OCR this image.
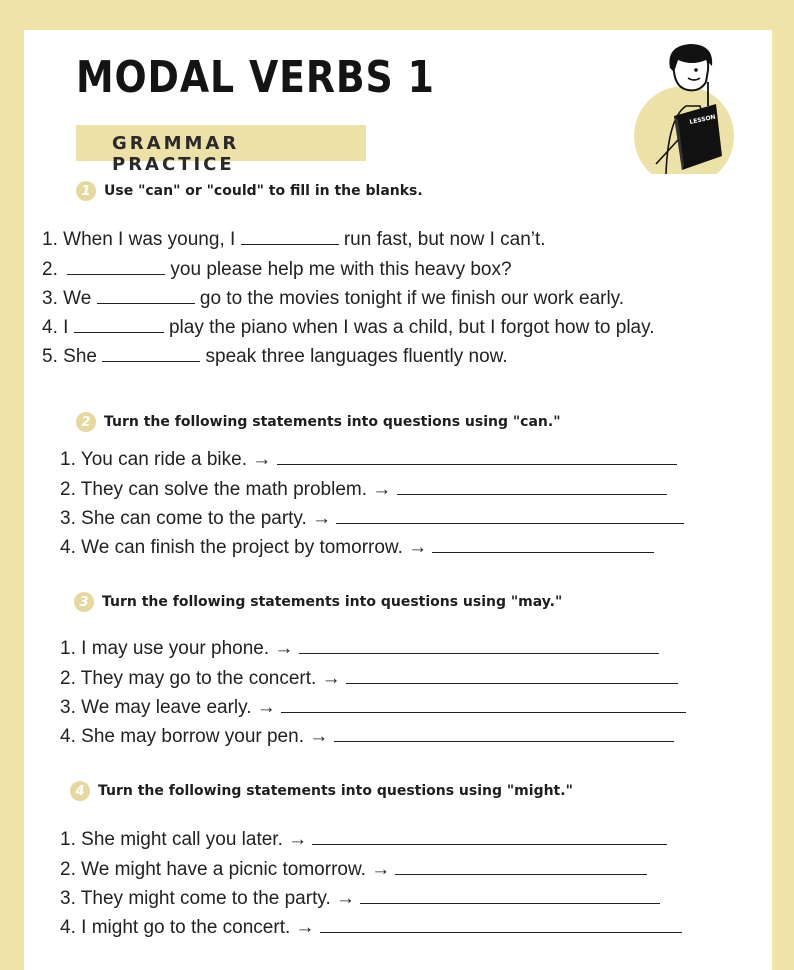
MODAL VERBS 1
GRAMMAR PRACTICE
LESSON
1 Use "can" or "could" to fill in the blanks.
1. When I was young, I	run fast, but now I can’t.
2.	you please help me with this heavy box?
3. We	go to the movies tonight if we finish our work early.
4. I	play the piano when I was a child, but I forgot how to play.
5. She	speak three languages fluently now.
2 Turn the following statements into questions using "can."
1. You can ride a bike. →
2. They can solve the math problem. →
3. She can come to the party. →
4. We can finish the project by tomorrow. →
3 Turn the following statements into questions using "may."
1. I may use your phone. →
2. They may go to the concert. →
3. We may leave early. →
4. She may borrow your pen. →
4 Turn the following statements into questions using "might."
1. She might call you later. →
2. We might have a picnic tomorrow. →
3. They might come to the party. →
4. I might go to the concert. →
